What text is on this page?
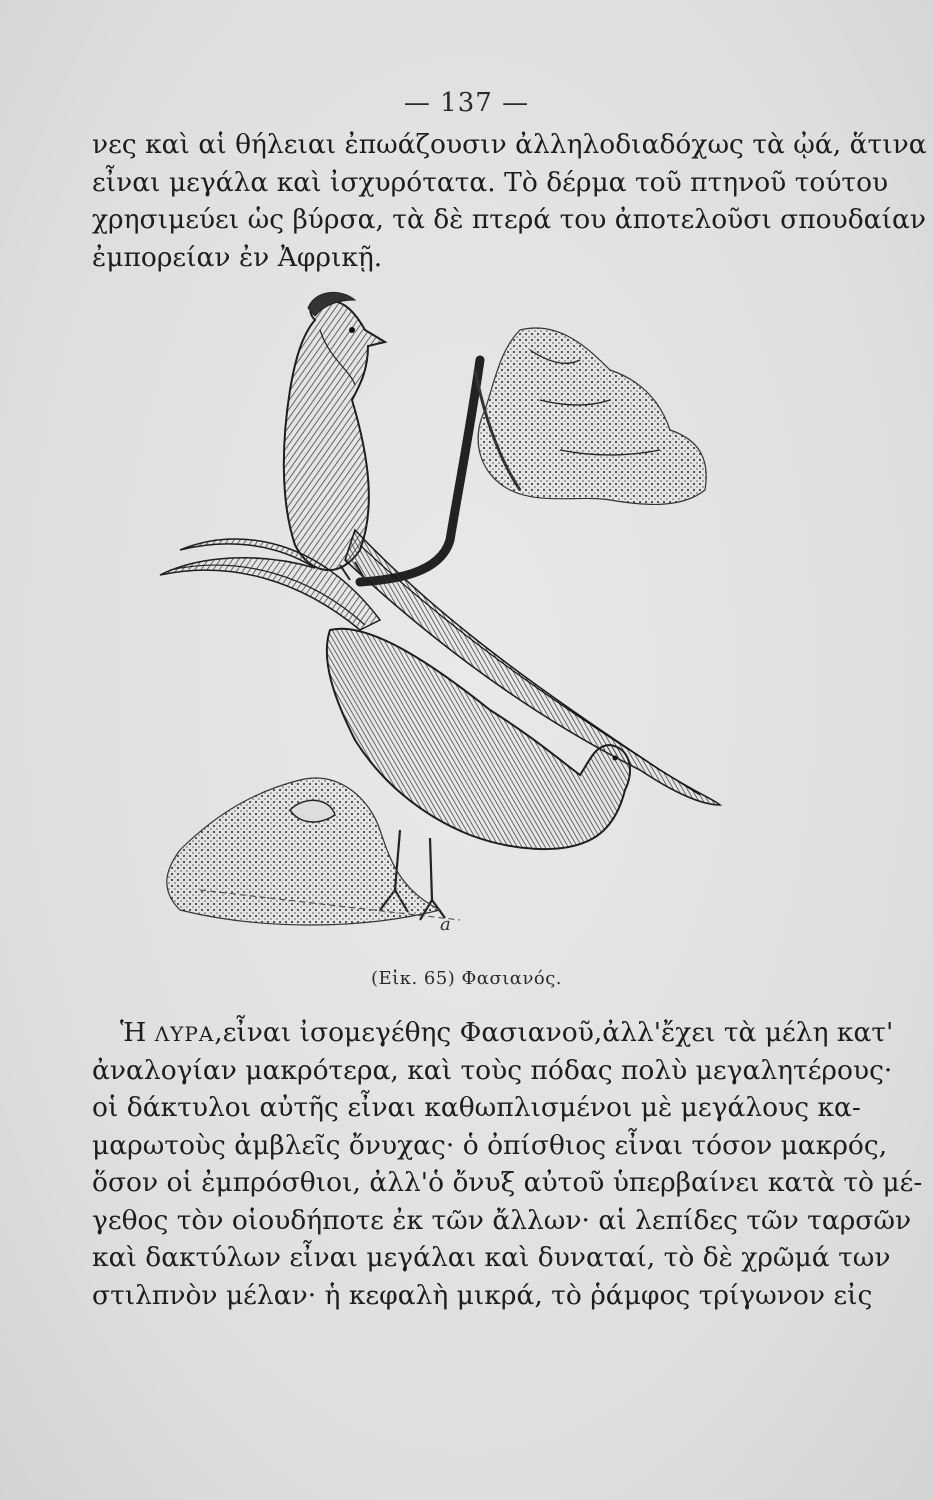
— 137 —
νες καὶ αἱ θήλειαι ἐπωάζουσιν ἀλληλοδιαδόχως τὰ ᾠά, ἅτινα
εἶναι μεγάλα καὶ ἰσχυρότατα. Τὸ δέρμα τοῦ πτηνοῦ τούτου
χρησιμεύει ὡς βύρσα, τὰ δὲ πτερά του ἀποτελοῦσι σπουδαίαν
ἐμπορείαν ἐν Ἀφρικῇ.
a
(Εἰκ. 65) Φασιανός.
Ἡ ΛΥΡΑ,εἶναι ἰσομεγέθης Φασιανοῦ,ἀλλ'ἔχει τὰ μέλη κατ'
ἀναλογίαν μακρότερα, καὶ τοὺς πόδας πολὺ μεγαλητέρους·
οἱ δάκτυλοι αὐτῆς εἶναι καθωπλισμένοι μὲ μεγάλους κα-
μαρωτοὺς ἀμβλεῖς ὄνυχας· ὁ ὀπίσθιος εἶναι τόσον μακρός,
ὅσον οἱ ἐμπρόσθιοι, ἀλλ'ὁ ὄνυξ αὐτοῦ ὑπερβαίνει κατὰ τὸ μέ-
γεθος τὸν οἱουδήποτε ἐκ τῶν ἄλλων· αἱ λεπίδες τῶν ταρσῶν
καὶ δακτύλων εἶναι μεγάλαι καὶ δυναταί, τὸ δὲ χρῶμά των
στιλπνὸν μέλαν· ἡ κεφαλὴ μικρά, τὸ ῥάμφος τρίγωνον εἰς
